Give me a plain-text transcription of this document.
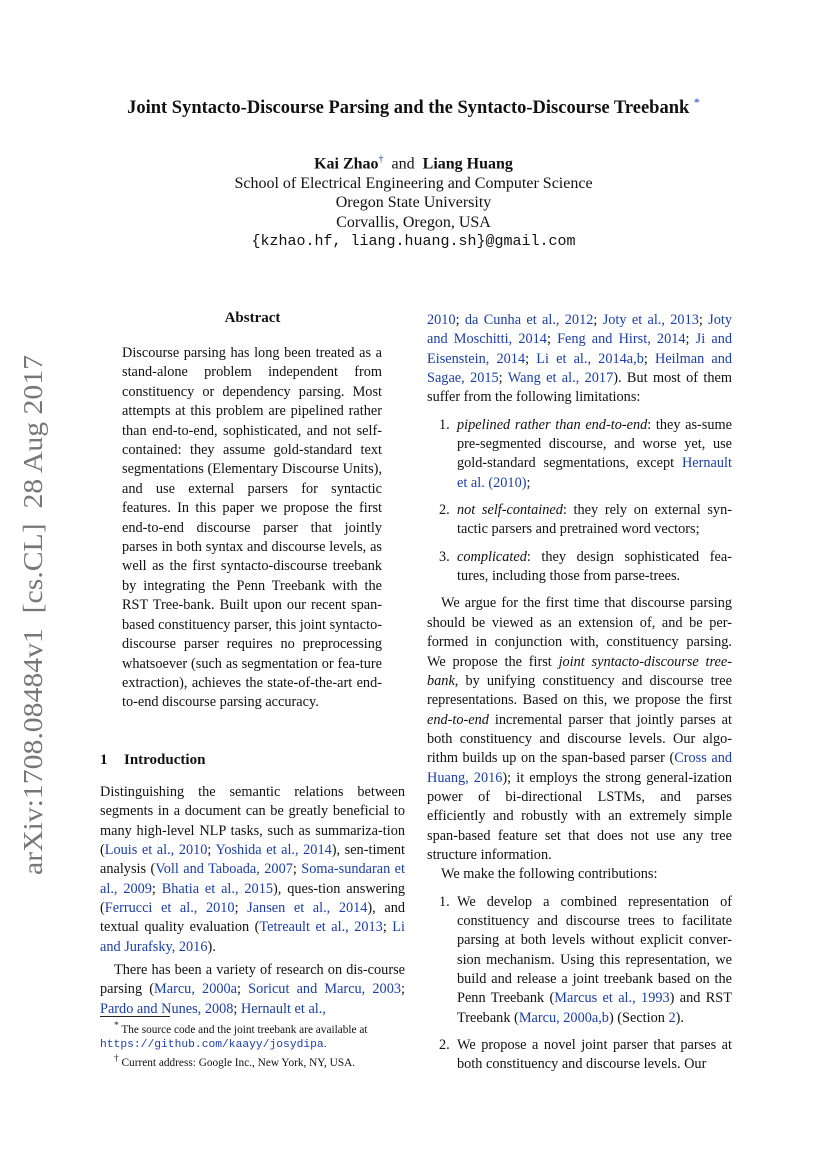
arXiv:1708.08484v1  [cs.CL]  28 Aug 2017
Joint Syntacto-Discourse Parsing and the Syntacto-Discourse Treebank *
Kai Zhao† and Liang Huang
School of Electrical Engineering and Computer Science
Oregon State University
Corvallis, Oregon, USA
{kzhao.hf, liang.huang.sh}@gmail.com
Abstract
Discourse parsing has long been treated as a stand-alone problem independent from constituency or dependency parsing. Most attempts at this problem are pipelined rather than end-to-end, sophisticated, and not self-contained: they assume gold-standard text segmentations (Elementary Discourse Units), and use external parsers for syntactic features. In this paper we propose the first end-to-end discourse parser that jointly parses in both syntax and discourse levels, as well as the first syntacto-discourse treebank by integrating the Penn Treebank with the RST Tree-bank. Built upon our recent span-based constituency parser, this joint syntacto-discourse parser requires no preprocessing whatsoever (such as segmentation or fea-ture extraction), achieves the state-of-the-art end-to-end discourse parsing accuracy.
1 Introduction

Distinguishing the semantic relations between segments in a document can be greatly beneficial to many high-level NLP tasks, such as summariza-tion (Louis et al., 2010; Yoshida et al., 2014), sen-timent analysis (Voll and Taboada, 2007; Soma-sundaran et al., 2009; Bhatia et al., 2015), ques-tion answering (Ferrucci et al., 2010; Jansen et al., 2014), and textual quality evaluation (Tetreault et al., 2013; Li and Jurafsky, 2016).

There has been a variety of research on dis-course parsing (Marcu, 2000a; Soricut and Marcu, 2003; Pardo and Nunes, 2008; Hernault et al.,

* The source code and the joint treebank are available at
https://github.com/kaayy/josydipa.
† Current address: Google Inc., New York, NY, USA.

2010; da Cunha et al., 2012; Joty et al., 2013; Joty and Moschitti, 2014; Feng and Hirst, 2014; Ji and Eisenstein, 2014; Li et al., 2014a,b; Heilman and Sagae, 2015; Wang et al., 2017). But most of them suffer from the following limitations:

1. pipelined rather than end-to-end: they as-sume pre-segmented discourse, and worse yet, use gold-standard segmentations, except Hernault et al. (2010);
2. not self-contained: they rely on external syn-tactic parsers and pretrained word vectors;
3. complicated: they design sophisticated fea-tures, including those from parse-trees.

We argue for the first time that discourse parsing should be viewed as an extension of, and be per-formed in conjunction with, constituency parsing. We propose the first joint syntacto-discourse tree-bank, by unifying constituency and discourse tree representations. Based on this, we propose the first end-to-end incremental parser that jointly parses at both constituency and discourse levels. Our algo-rithm builds up on the span-based parser (Cross and Huang, 2016); it employs the strong general-ization power of bi-directional LSTMs, and parses efficiently and robustly with an extremely simple span-based feature set that does not use any tree structure information.

We make the following contributions:

1. We develop a combined representation of constituency and discourse trees to facilitate parsing at both levels without explicit conver-sion mechanism. Using this representation, we build and release a joint treebank based on the Penn Treebank (Marcus et al., 1993) and RST Treebank (Marcu, 2000a,b) (Section 2).
2. We propose a novel joint parser that parses at both constituency and discourse levels. Our
